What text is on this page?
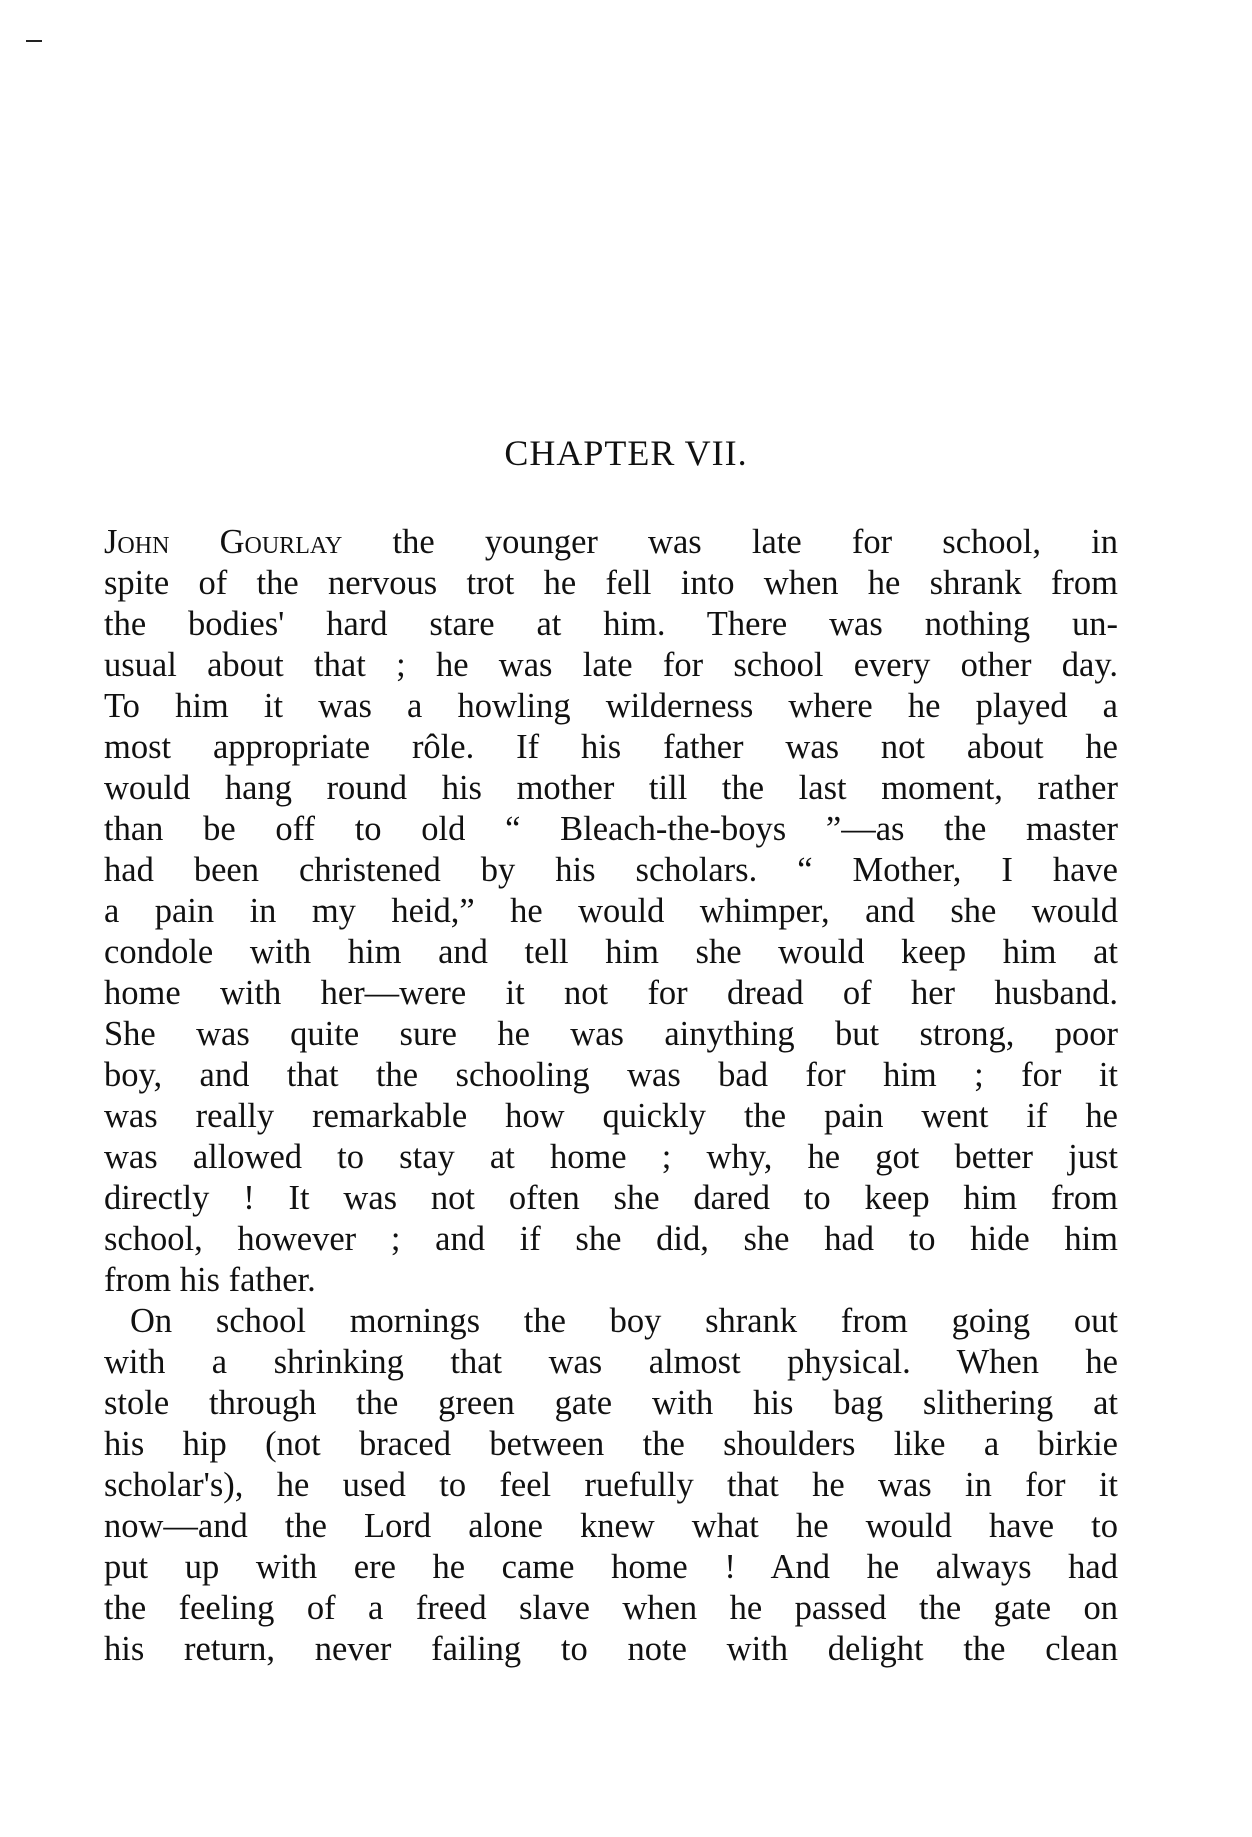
CHAPTER VII.
John Gourlay the younger was late for school, in
spite of the nervous trot he fell into when he shrank from
the bodies' hard stare at him. There was nothing un-
usual about that ; he was late for school every other day.
To him it was a howling wilderness where he played a
most appropriate rôle. If his father was not about he
would hang round his mother till the last moment, rather
than be off to old “ Bleach-the-boys ”—as the master
had been christened by his scholars. “ Mother, I have
a pain in my heid,” he would whimper, and she would
condole with him and tell him she would keep him at
home with her—were it not for dread of her husband.
She was quite sure he was ainything but strong, poor
boy, and that the schooling was bad for him ; for it
was really remarkable how quickly the pain went if he
was allowed to stay at home ; why, he got better just
directly ! It was not often she dared to keep him from
school, however ; and if she did, she had to hide him
from his father.
On school mornings the boy shrank from going out
with a shrinking that was almost physical. When he
stole through the green gate with his bag slithering at
his hip (not braced between the shoulders like a birkie
scholar's), he used to feel ruefully that he was in for it
now—and the Lord alone knew what he would have to
put up with ere he came home ! And he always had
the feeling of a freed slave when he passed the gate on
his return, never failing to note with delight the clean
